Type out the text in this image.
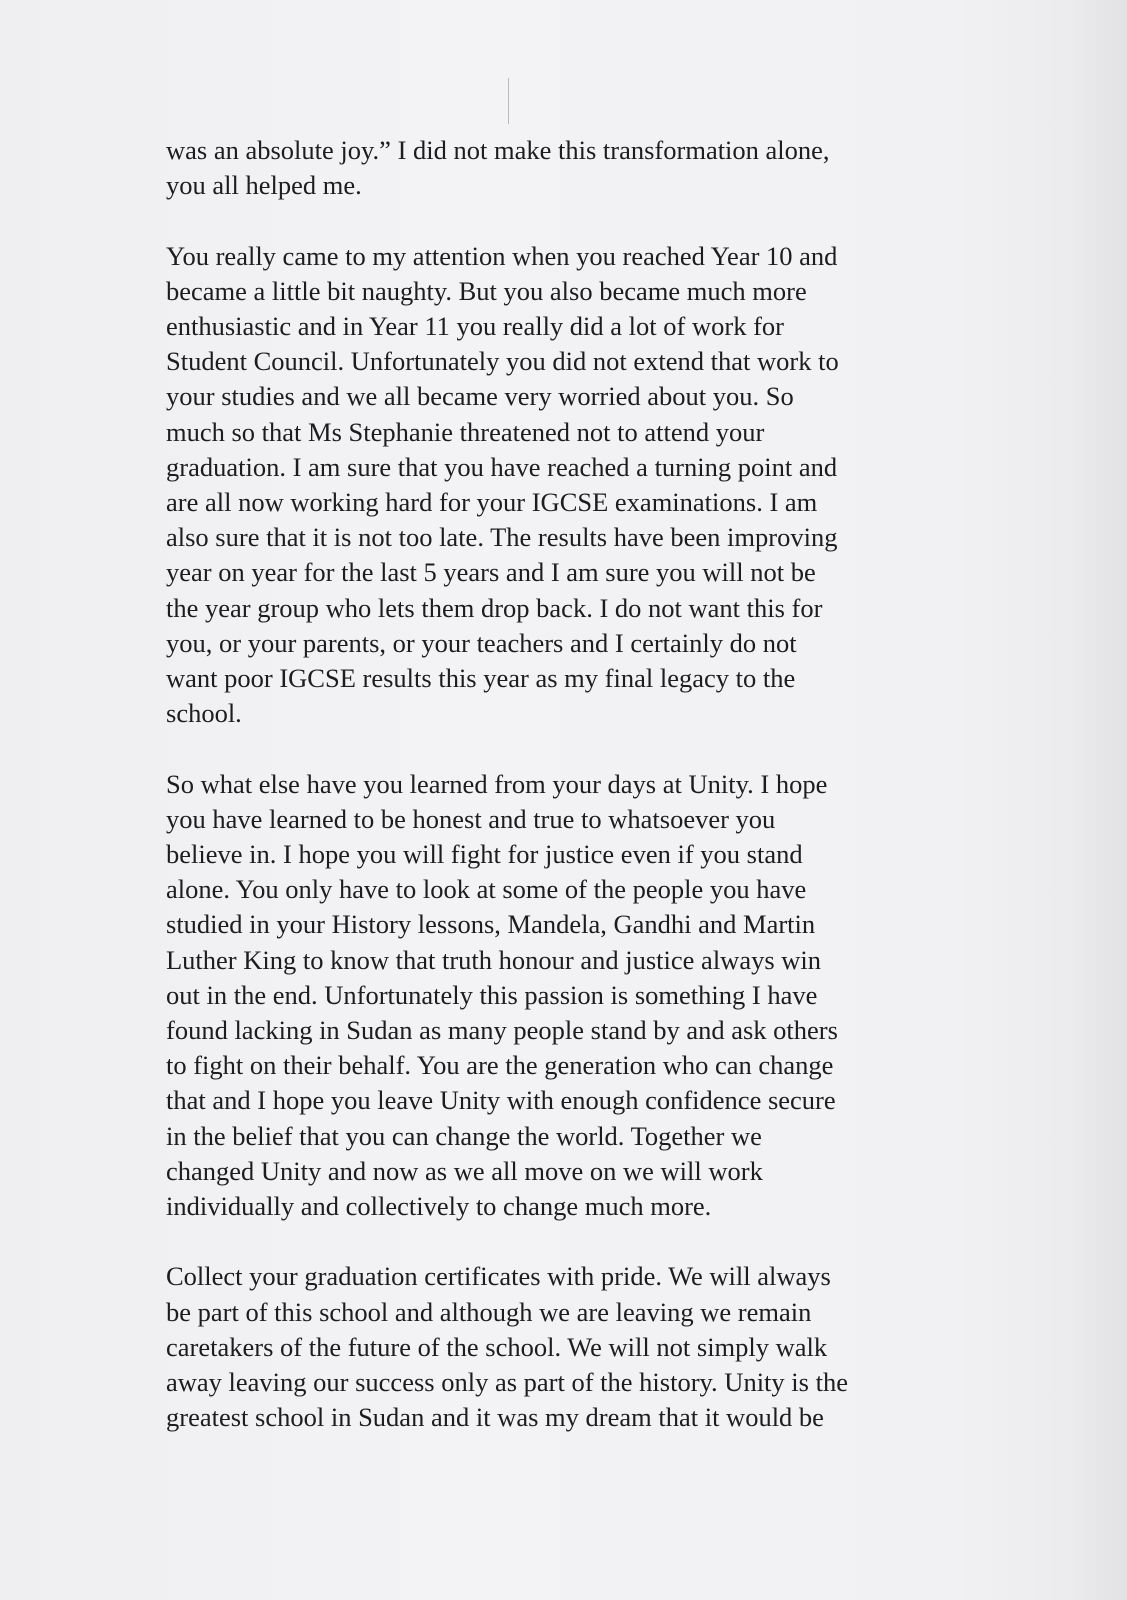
was an absolute joy.” I did not make this transformation alone,
you all helped me.

You really came to my attention when you reached Year 10 and
became a little bit naughty. But you also became much more
enthusiastic and in Year 11 you really did a lot of work for
Student Council. Unfortunately you did not extend that work to
your studies and we all became very worried about you. So
much so that Ms Stephanie threatened not to attend your
graduation. I am sure that you have reached a turning point and
are all now working hard for your IGCSE examinations. I am
also sure that it is not too late. The results have been improving
year on year for the last 5 years and I am sure you will not be
the year group who lets them drop back. I do not want this for
you, or your parents, or your teachers and I certainly do not
want poor IGCSE results this year as my final legacy to the
school.

So what else have you learned from your days at Unity. I hope
you have learned to be honest and true to whatsoever you
believe in. I hope you will fight for justice even if you stand
alone. You only have to look at some of the people you have
studied in your History lessons, Mandela, Gandhi and Martin
Luther King to know that truth honour and justice always win
out in the end. Unfortunately this passion is something I have
found lacking in Sudan as many people stand by and ask others
to fight on their behalf. You are the generation who can change
that and I hope you leave Unity with enough confidence secure
in the belief that you can change the world. Together we
changed Unity and now as we all move on we will work
individually and collectively to change much more.

Collect your graduation certificates with pride. We will always
be part of this school and although we are leaving we remain
caretakers of the future of the school. We will not simply walk
away leaving our success only as part of the history. Unity is the
greatest school in Sudan and it was my dream that it would be
